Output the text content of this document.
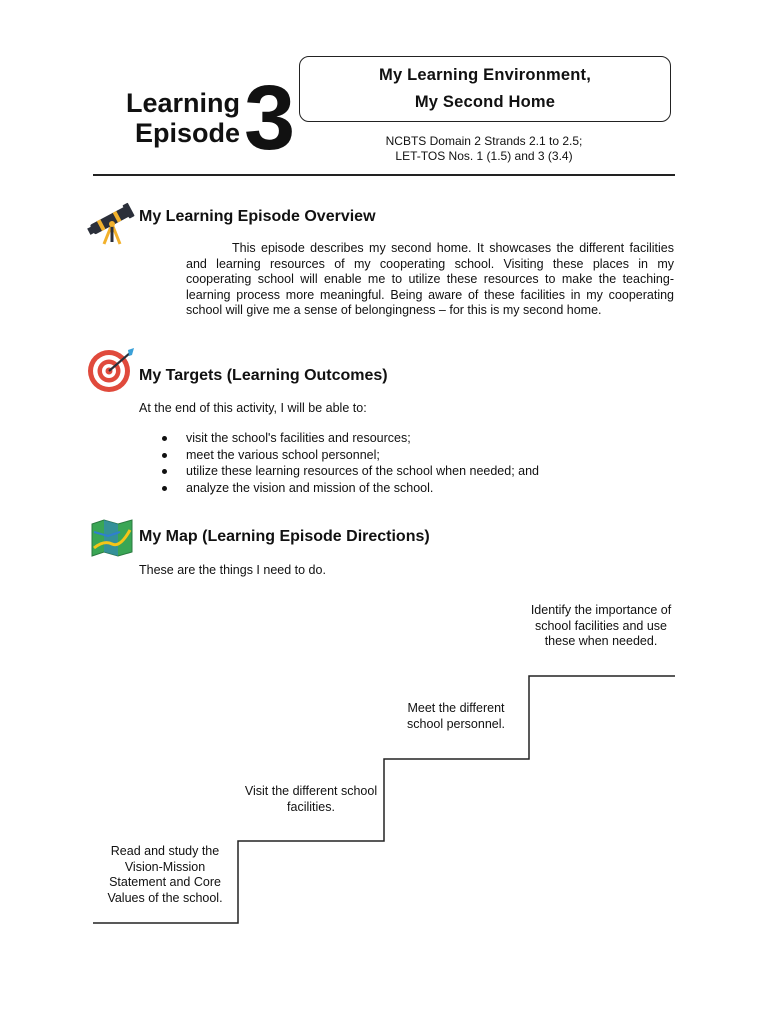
Learning
Episode 3	My Learning Environment,
My Second Home
NCBTS Domain 2 Strands 2.1 to 2.5;
LET-TOS Nos. 1 (1.5) and 3 (3.4)
My Learning Episode Overview
This episode describes my second home. It showcases the different facilities and learning resources of my cooperating school. Visiting these places in my cooperating school will enable me to utilize these resources to make the teaching-learning process more meaningful. Being aware of these facilities in my cooperating school will give me a sense of belongingness – for this is my second home.
My Targets (Learning Outcomes)
At the end of this activity, I will be able to:
visit the school's facilities and resources;
meet the various school personnel;
utilize these learning resources of the school when needed; and
analyze the vision and mission of the school.
My Map (Learning Episode Directions)
These are the things I need to do.
Read and study the Vision-Mission Statement and Core Values of the school.
Visit the different school facilities.
Meet the different school personnel.
Identify the importance of school facilities and use these when needed.
